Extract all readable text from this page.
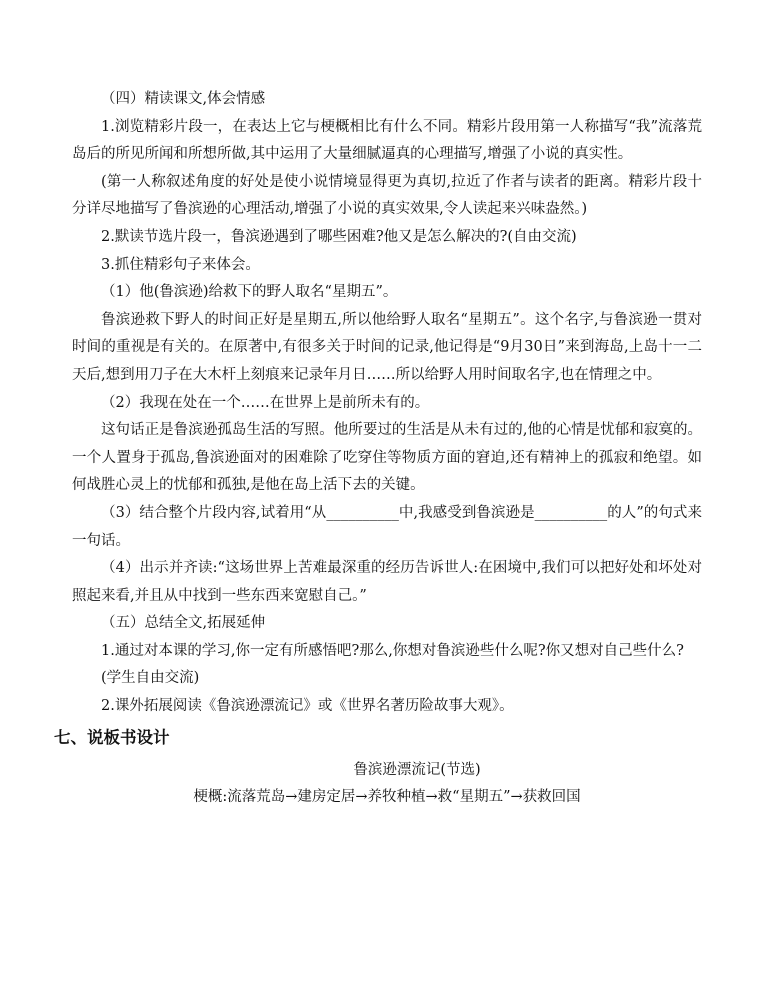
（四）精读课文,体会情感

1.浏览精彩片段一，在表达上它与梗概相比有什么不同。精彩片段用第一人称描写“我”流落荒岛后的所见所闻和所想所做,其中运用了大量细腻逼真的心理描写,增强了小说的真实性。

(第一人称叙述角度的好处是使小说情境显得更为真切,拉近了作者与读者的距离。精彩片段十分详尽地描写了鲁滨逊的心理活动,增强了小说的真实效果,令人读起来兴味盎然。)

2.默读节选片段一，鲁滨逊遇到了哪些困难?他又是怎么解决的?(自由交流)

3.抓住精彩句子来体会。

（1）他(鲁滨逊)给救下的野人取名“星期五”。

鲁滨逊救下野人的时间正好是星期五,所以他给野人取名“星期五”。这个名字,与鲁滨逊一贯对时间的重视是有关的。在原著中,有很多关于时间的记录,他记得是“9月30日”来到海岛,上岛十一二天后,想到用刀子在大木杆上刻痕来记录年月日……所以给野人用时间取名字,也在情理之中。

（2）我现在处在一个……在世界上是前所未有的。

这句话正是鲁滨逊孤岛生活的写照。他所要过的生活是从未有过的,他的心情是忧郁和寂寞的。一个人置身于孤岛,鲁滨逊面对的困难除了吃穿住等物质方面的窘迫,还有精神上的孤寂和绝望。如何战胜心灵上的忧郁和孤独,是他在岛上活下去的关键。

（3）结合整个片段内容,试着用“从__________中,我感受到鲁滨逊是__________的人”的句式来一句话。

（4）出示并齐读:“这场世界上苦难最深重的经历告诉世人:在困境中,我们可以把好处和坏处对照起来看,并且从中找到一些东西来宽慰自己。”

（五）总结全文,拓展延伸

1.通过对本课的学习,你一定有所感悟吧?那么,你想对鲁滨逊些什么呢?你又想对自己些什么?

(学生自由交流)

2.课外拓展阅读《鲁滨逊漂流记》或《世界名著历险故事大观》。

七、说板书设计

鲁滨逊漂流记(节选)

梗概:流落荒岛→建房定居→养牧种植→救“星期五”→获救回国
